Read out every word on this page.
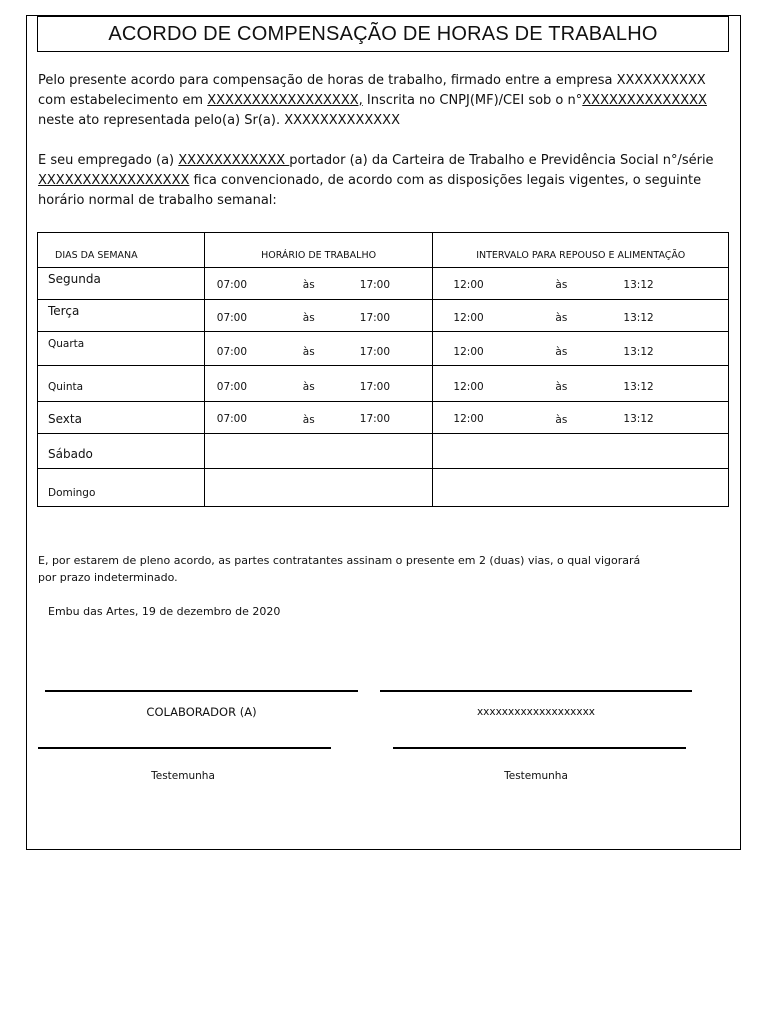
ACORDO DE COMPENSAÇÃO DE HORAS DE TRABALHO
Pelo presente acordo para compensação de horas de trabalho, firmado entre a empresa XXXXXXXXXX com estabelecimento em XXXXXXXXXXXXXXXXX, Inscrita no CNPJ(MF)/CEI sob o n°XXXXXXXXXXXXXX neste ato representada pelo(a) Sr(a). XXXXXXXXXXXXX
E seu empregado (a) XXXXXXXXXXXX portador (a) da Carteira de Trabalho e Previdência Social n°/série XXXXXXXXXXXXXXXXX fica convencionado, de acordo com as disposições legais vigentes, o seguinte horário normal de trabalho semanal:
DIAS DA SEMANA	HORÁRIO DE TRABALHO	INTERVALO PARA REPOUSO E ALIMENTAÇÃO

Segunda	07:00 às 17:00	12:00 às 13:12

Terça	07:00 às 17:00	12:00 às 13:12

Quarta	07:00 às 17:00	12:00 às 13:12

Quinta	07:00 às 17:00	12:00 às 13:12

Sexta	07:00 às 17:00	12:00 às 13:12

Sábado		

Domingo		

E, por estarem de pleno acordo, as partes contratantes assinam o presente em 2 (duas) vias, o qual vigorará por prazo indeterminado.
Embu das Artes, 19 de dezembro de 2020
COLABORADOR (A)	xxxxxxxxxxxxxxxxxxx
Testemunha	Testemunha
